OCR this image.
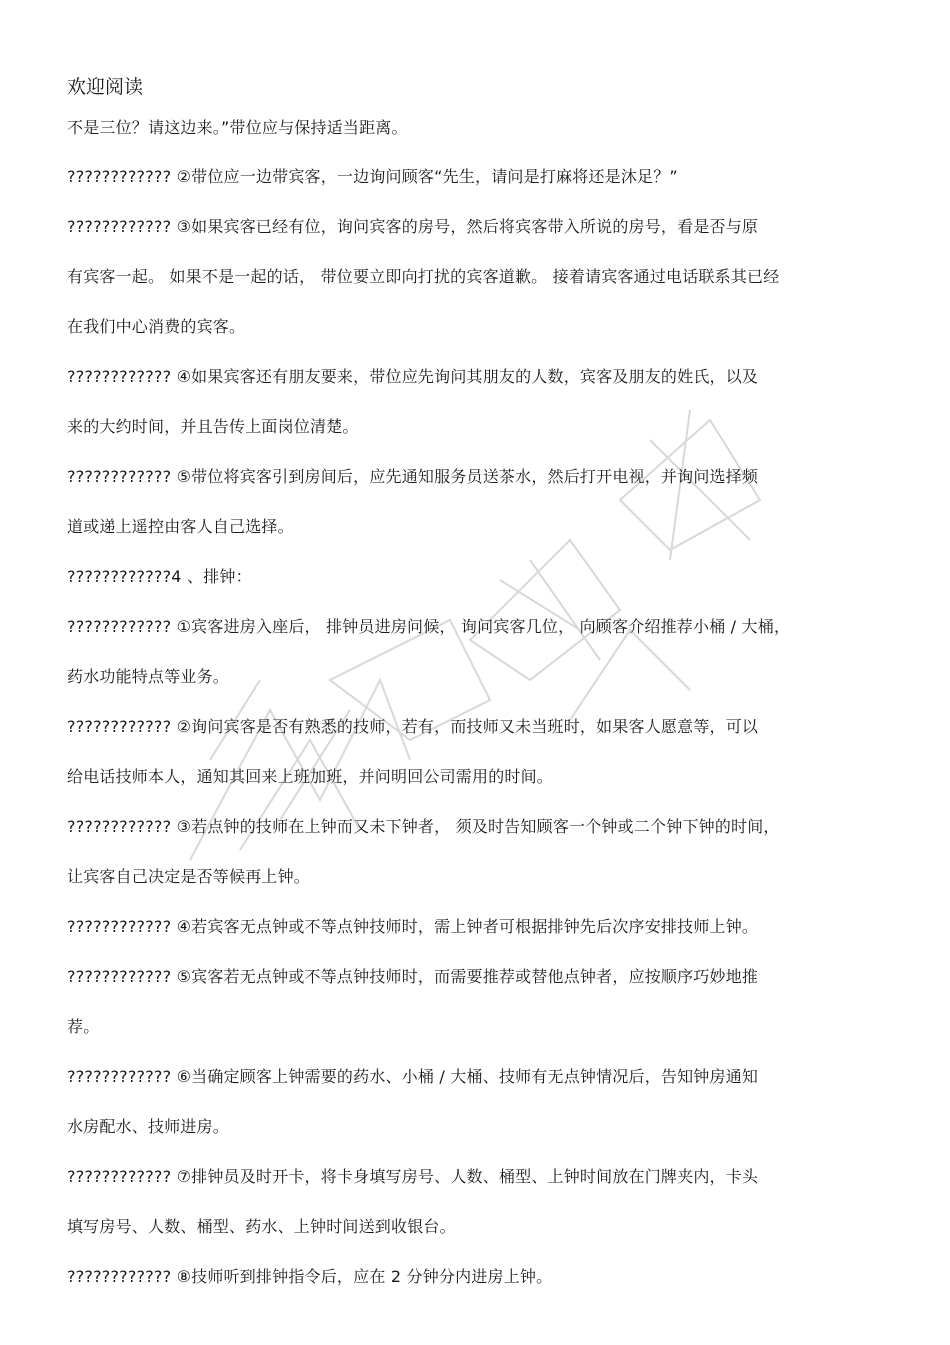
欢迎阅读
不是三位？请这边来。”带位应与保持适当距离。
???????????? ②带位应一边带宾客，一边询问顾客“先生，请问是打麻将还是沐足？”
???????????? ③如果宾客已经有位，询问宾客的房号，然后将宾客带入所说的房号，看是否与原
有宾客一起。 如果不是一起的话， 带位要立即向打扰的宾客道歉。 接着请宾客通过电话联系其已经
在我们中心消费的宾客。
???????????? ④如果宾客还有朋友要来，带位应先询问其朋友的人数，宾客及朋友的姓氏，以及
来的大约时间，并且告传上面岗位清楚。
???????????? ⑤带位将宾客引到房间后，应先通知服务员送茶水，然后打开电视，并询问选择频
道或递上遥控由客人自己选择。
????????????4 、排钟：
???????????? ①宾客进房入座后， 排钟员进房问候， 询问宾客几位， 向顾客介绍推荐小桶 / 大桶，
药水功能特点等业务。
???????????? ②询问宾客是否有熟悉的技师，若有，而技师又未当班时，如果客人愿意等，可以
给电话技师本人，通知其回来上班加班，并问明回公司需用的时间。
???????????? ③若点钟的技师在上钟而又未下钟者， 须及时告知顾客一个钟或二个钟下钟的时间，
让宾客自己决定是否等候再上钟。
???????????? ④若宾客无点钟或不等点钟技师时，需上钟者可根据排钟先后次序安排技师上钟。
???????????? ⑤宾客若无点钟或不等点钟技师时，而需要推荐或替他点钟者，应按顺序巧妙地推
荐。
???????????? ⑥当确定顾客上钟需要的药水、小桶 / 大桶、技师有无点钟情况后，告知钟房通知
水房配水、技师进房。
???????????? ⑦排钟员及时开卡，将卡身填写房号、人数、桶型、上钟时间放在门牌夹内，卡头
填写房号、人数、桶型、药水、上钟时间送到收银台。
???????????? ⑧技师听到排钟指令后，应在 2 分钟分内进房上钟。
